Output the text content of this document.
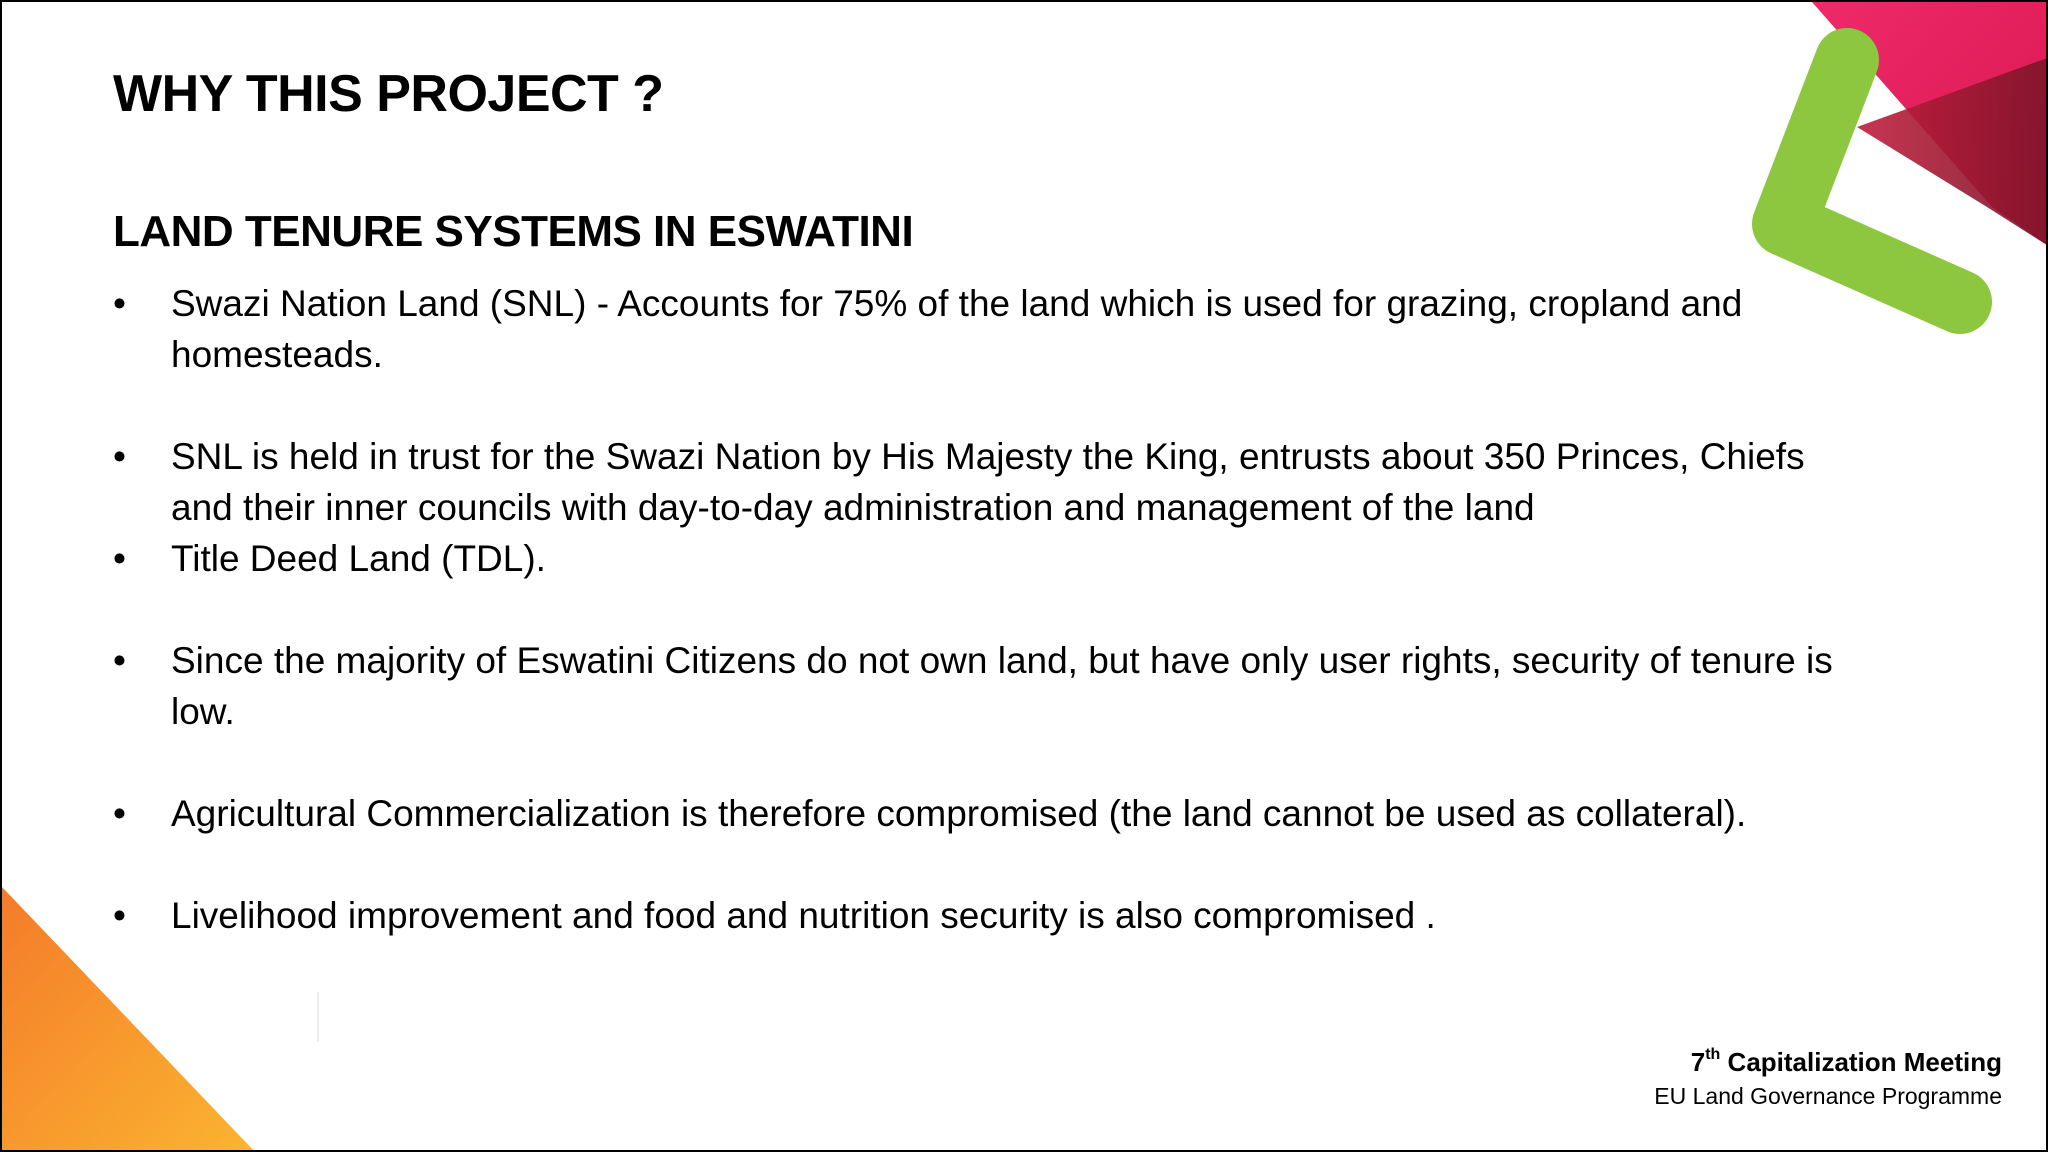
WHY THIS PROJECT ?
LAND TENURE SYSTEMS IN ESWATINI
•	Swazi Nation Land (SNL) - Accounts for 75% of the land which is used for grazing, cropland and homesteads.
•	SNL is held in trust for the Swazi Nation by His Majesty the King, entrusts about 350 Princes, Chiefs and their inner councils with day-to-day administration and management of the land
•	Title Deed Land (TDL).
•	Since the majority of Eswatini Citizens do not own land, but have only user rights, security of tenure is low.
•	Agricultural Commercialization is therefore compromised (the land cannot be used as collateral).
•	Livelihood improvement and food and nutrition security is also compromised .
7th Capitalization Meeting
EU Land Governance Programme
